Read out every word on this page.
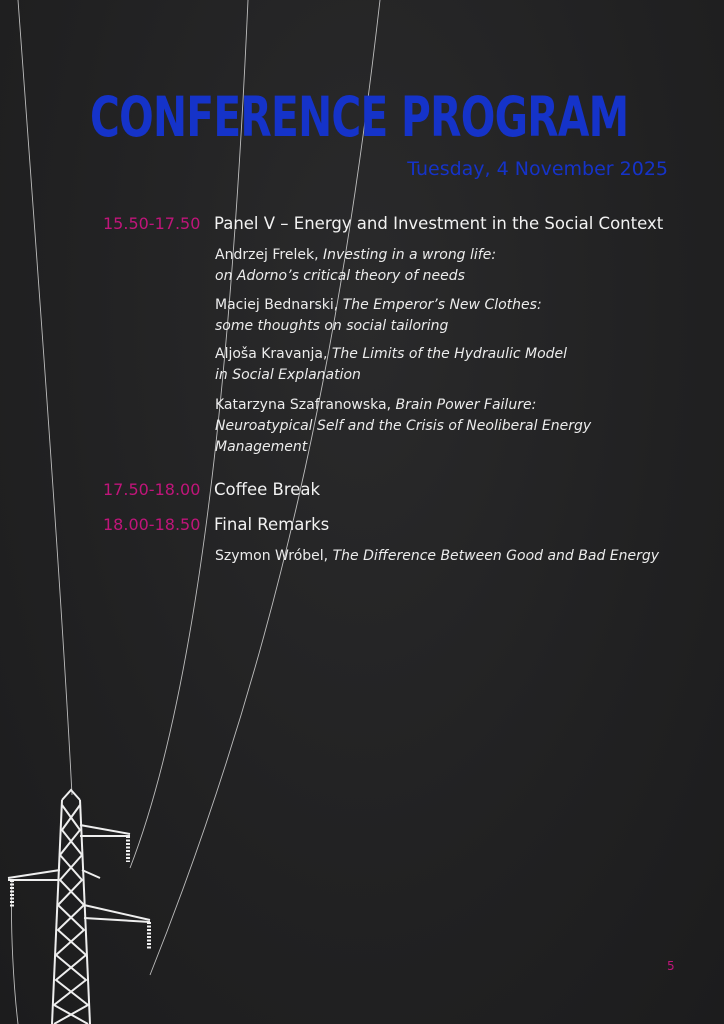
CONFERENCE PROGRAM
Tuesday, 4 November 2025
15.50-17.50 Panel V – Energy and Investment in the Social Context
Andrzej Frelek, Investing in a wrong life:
on Adorno’s critical theory of needs
Maciej Bednarski, The Emperor’s New Clothes:
some thoughts on social tailoring
Aljoša Kravanja, The Limits of the Hydraulic Model
in Social Explanation
Katarzyna Szafranowska, Brain Power Failure:
Neuroatypical Self and the Crisis of Neoliberal Energy
Management
17.50-18.00 Coffee Break
18.00-18.50 Final Remarks
Szymon Wróbel, The Difference Between Good and Bad Energy
5
